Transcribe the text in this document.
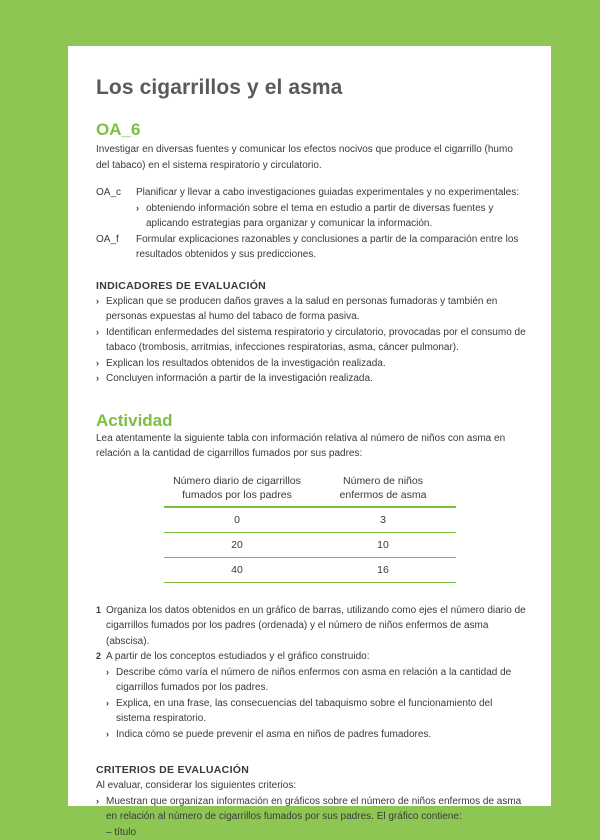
Los cigarrillos y el asma
OA_6

Investigar en diversas fuentes y comunicar los efectos nocivos que produce el cigarrillo (humo del tabaco) en el sistema respiratorio y circulatorio.

OA_c	Planificar y llevar a cabo investigaciones guiadas experimentales y no experimentales:

› obteniendo información sobre el tema en estudio a partir de diversas fuentes y aplicando estrategias para organizar y comunicar la información.

OA_f	Formular explicaciones razonables y conclusiones a partir de la comparación entre los resultados obtenidos y sus predicciones.

INDICADORES DE EVALUACIÓN
› Explican que se producen daños graves a la salud en personas fumadoras y también en personas expuestas al humo del tabaco de forma pasiva.
› Identifican enfermedades del sistema respiratorio y circulatorio, provocadas por el consumo de tabaco (trombosis, arritmias, infecciones respiratorias, asma, cáncer pulmonar).
› Explican los resultados obtenidos de la investigación realizada.
› Concluyen información a partir de la investigación realizada.
Actividad

Lea atentamente la siguiente tabla con información relativa al número de niños con asma en relación a la cantidad de cigarrillos fumados por sus padres:

Número diario de cigarrillos fumados por los padres	Número de niños enfermos de asma
0	3
20	10
40	16
1 Organiza los datos obtenidos en un gráfico de barras, utilizando como ejes el número diario de cigarrillos fumados por los padres (ordenada) y el número de niños enfermos de asma (abscisa).
2 A partir de los conceptos estudiados y el gráfico construido:
› Describe cómo varía el número de niños enfermos con asma en relación a la cantidad de cigarrillos fumados por los padres.
› Explica, en una frase, las consecuencias del tabaquismo sobre el funcionamiento del sistema respiratorio.
› Indica cómo se puede prevenir el asma en niños de padres fumadores.
CRITERIOS DE EVALUACIÓN

Al evaluar, considerar los siguientes criterios:

› Muestran que organizan información en gráficos sobre el número de niños enfermos de asma en relación al número de cigarrillos fumados por sus padres. El gráfico contiene:

– título
